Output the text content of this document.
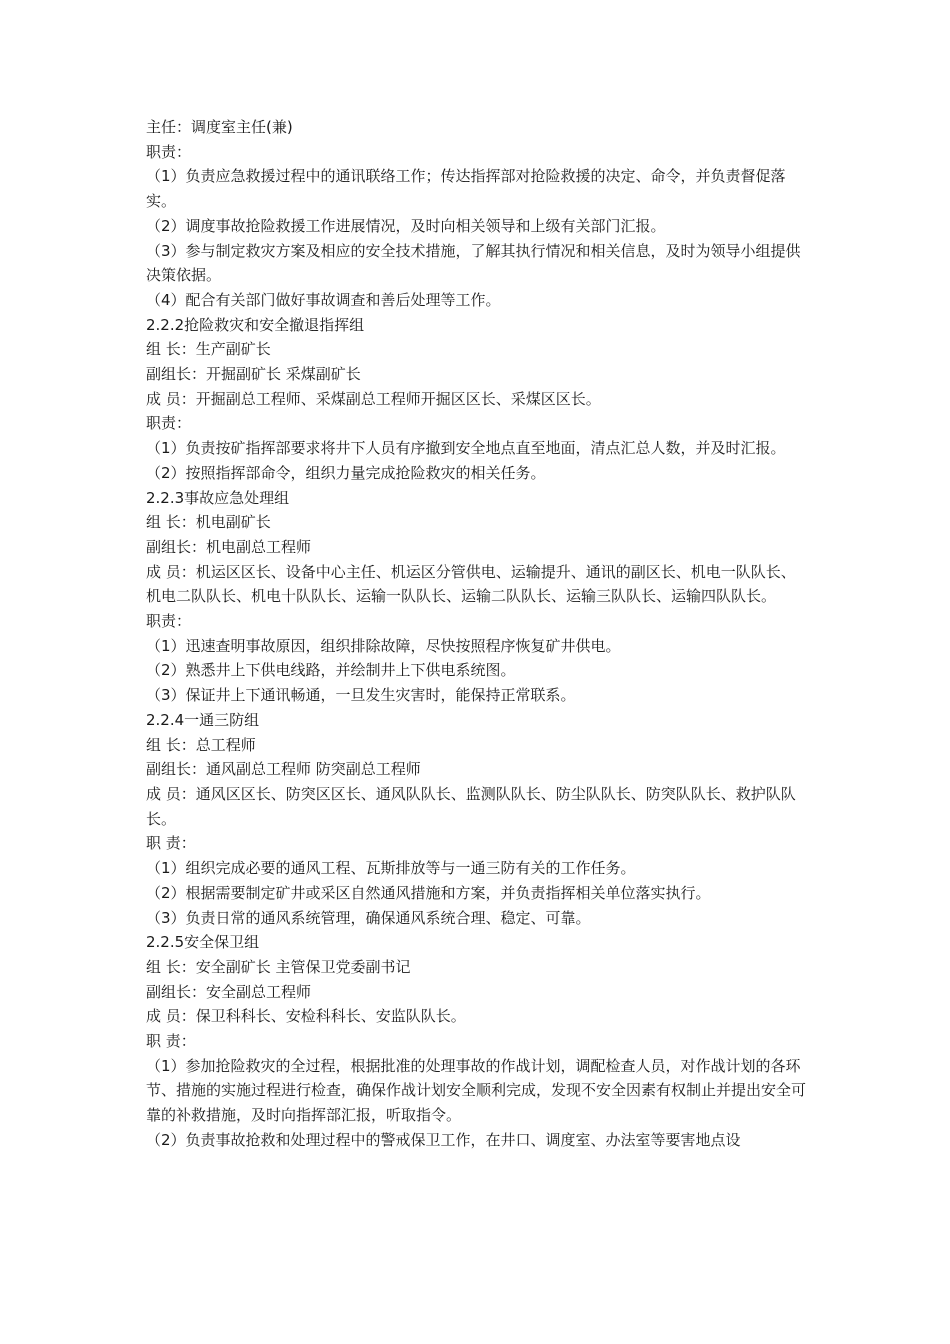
主任：调度室主任(兼)

职责：

（1）负责应急救援过程中的通讯联络工作；传达指挥部对抢险救援的决定、命令，并负责督促落实。

（2）调度事故抢险救援工作进展情况，及时向相关领导和上级有关部门汇报。

（3）参与制定救灾方案及相应的安全技术措施，了解其执行情况和相关信息，及时为领导小组提供决策依据。

（4）配合有关部门做好事故调查和善后处理等工作。

2.2.2抢险救灾和安全撤退指挥组

组 长：生产副矿长

副组长：开掘副矿长 采煤副矿长

成 员：开掘副总工程师、采煤副总工程师开掘区区长、采煤区区长。

职责：

（1）负责按矿指挥部要求将井下人员有序撤到安全地点直至地面，清点汇总人数，并及时汇报。

（2）按照指挥部命令，组织力量完成抢险救灾的相关任务。

2.2.3事故应急处理组

组 长：机电副矿长

副组长：机电副总工程师

成 员：机运区区长、设备中心主任、机运区分管供电、运输提升、通讯的副区长、机电一队队长、机电二队队长、机电十队队长、运输一队队长、运输二队队长、运输三队队长、运输四队队长。

职责：

（1）迅速查明事故原因，组织排除故障，尽快按照程序恢复矿井供电。

（2）熟悉井上下供电线路，并绘制井上下供电系统图。

（3）保证井上下通讯畅通，一旦发生灾害时，能保持正常联系。

2.2.4一通三防组

组 长：总工程师

副组长：通风副总工程师 防突副总工程师

成 员：通风区区长、防突区区长、通风队队长、监测队队长、防尘队队长、防突队队长、救护队队长。

职 责：

（1）组织完成必要的通风工程、瓦斯排放等与一通三防有关的工作任务。

（2）根据需要制定矿井或采区自然通风措施和方案，并负责指挥相关单位落实执行。

（3）负责日常的通风系统管理，确保通风系统合理、稳定、可靠。

2.2.5安全保卫组

组 长：安全副矿长 主管保卫党委副书记

副组长：安全副总工程师

成 员：保卫科科长、安检科科长、安监队队长。

职 责：

（1）参加抢险救灾的全过程，根据批准的处理事故的作战计划，调配检查人员，对作战计划的各环节、措施的实施过程进行检查，确保作战计划安全顺利完成，发现不安全因素有权制止并提出安全可靠的补救措施，及时向指挥部汇报，听取指令。

（2）负责事故抢救和处理过程中的警戒保卫工作，在井口、调度室、办法室等要害地点设
